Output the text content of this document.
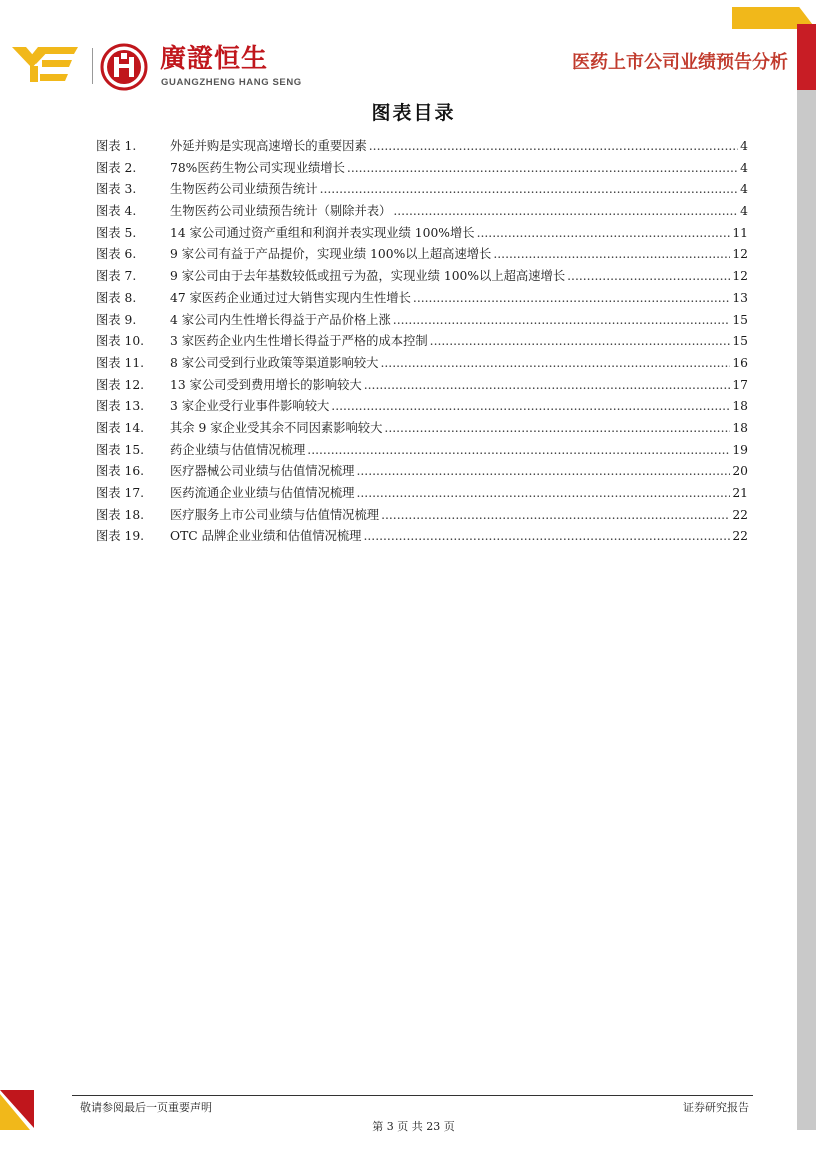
廣證恒生
GUANGZHENG HANG SENG
医药上市公司业绩预告分析
图表目录
图表 1.	外延并购是实现高速增长的重要因素 .....	4
图表 2.	78%医药生物公司实现业绩增长 .....	4
图表 3.	生物医药公司业绩预告统计 .....	4
图表 4.	生物医药公司业绩预告统计（剔除并表） .....	4
图表 5.	14 家公司通过资产重组和利润并表实现业绩 100%增长 .....	11
图表 6.	9 家公司有益于产品提价，实现业绩 100%以上超高速增长 .....	12
图表 7.	9 家公司由于去年基数较低或扭亏为盈，实现业绩 100%以上超高速增长 .....	12
图表 8.	47 家医药企业通过过大销售实现内生性增长 .....	13
图表 9.	4 家公司内生性增长得益于产品价格上涨 .....	15
图表 10.	3 家医药企业内生性增长得益于严格的成本控制 .....	15
图表 11.	8 家公司受到行业政策等渠道影响较大 .....	16
图表 12.	13 家公司受到费用增长的影响较大 .....	17
图表 13.	3 家企业受行业事件影响较大 .....	18
图表 14.	其余 9 家企业受其余不同因素影响较大 .....	18
图表 15.	药企业绩与估值情况梳理 .....	19
图表 16.	医疗器械公司业绩与估值情况梳理 .....	20
图表 17.	医药流通企业业绩与估值情况梳理 .....	21
图表 18.	医疗服务上市公司业绩与估值情况梳理 .....	22
图表 19.	OTC 品牌企业业绩和估值情况梳理 .....	22
敬请参阅最后一页重要声明	证券研究报告
第 3 页 共 23 页
